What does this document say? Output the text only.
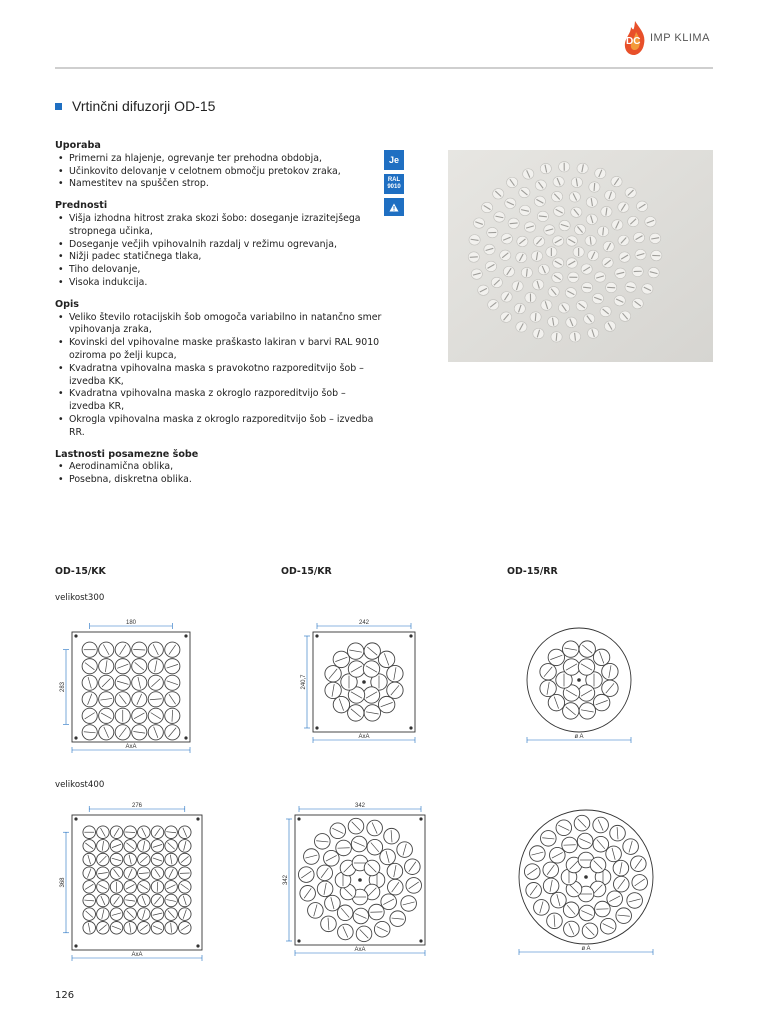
DC IMP KLIMA
Vrtinčni difuzorji OD-15
Uporaba
• Primerni za hlajenje, ogrevanje ter prehodna obdobja,
• Učinkovito delovanje v celotnem območju pretokov zraka,
• Namestitev na spuščen strop.
Prednosti
• Višja izhodna hitrost zraka skozi šobo: doseganje izrazitejšega stropnega učinka,
• Doseganje večjih vpihovalnih razdalj v režimu ogrevanja,
• Nižji padec statičnega tlaka,
• Tiho delovanje,
• Visoka indukcija.
Opis
• Veliko število rotacijskih šob omogoča variabilno in natančno smer vpihovanja zraka,
• Kovinski del vpihovalne maske praškasto lakiran v barvi RAL 9010 oziroma po želji kupca,
• Kvadratna vpihovalna maska s pravokotno razporeditvijo šob – izvedba KK,
• Kvadratna vpihovalna maska z okroglo razporeditvijo šob – izvedba KR,
• Okrogla vpihovalna maska z okroglo razporeditvijo šob – izvedba RR.
Lastnosti posamezne šobe
• Aerodinamična oblika,
• Posebna, diskretna oblika.
Je
RAL
9010
OD-15/KK	OD-15/KR	OD-15/RR
velikost300
velikost400
180
283
AxA
242
240,7
AxA	ø A
276
368
AxA
342
342
AxA	ø A
126
